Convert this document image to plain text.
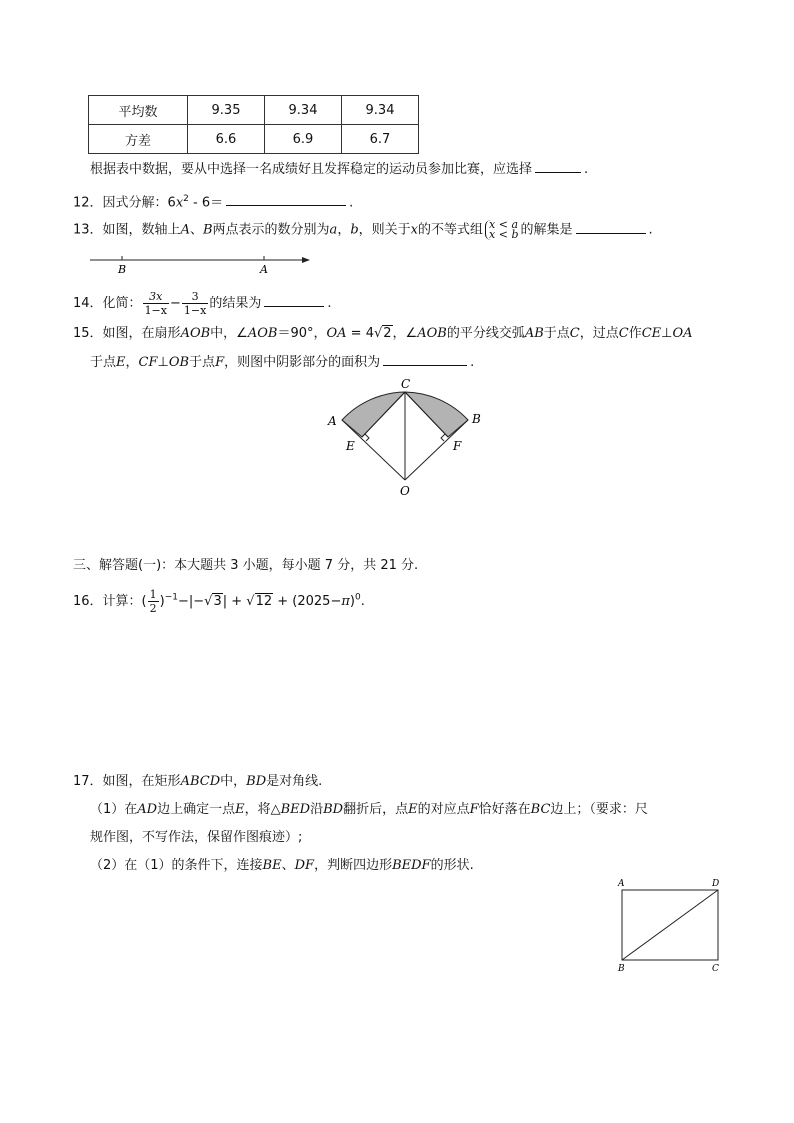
平均数	9.35	9.34	9.34
方差	6.6	6.9	6.7
根据表中数据，要从中选择一名成绩好且发挥稳定的运动员参加比赛，应选择	.
12．因式分解：$6x^2 - 6=$	.
13．如图，数轴上A、B两点表示的数分别为a，b，则关于x的不等式组 x < a
x < b 的解集是	.
B	A
14．化简： $\frac{3x}{1-x} - \frac{3}{1-x}$ 的结果为	.
15．如图，在扇形AOB中，∠AOB＝90°，OA = 4√2，∠AOB的平分线交弧AB于点C，过点C作CE⊥OA
于点E，CF⊥OB于点F，则图中阴影部分的面积为	.
C
A	B
E	F
O
三、解答题(一)：本大题共 3 小题，每小题 7 分，共 21 分.
16．计算：( $\frac{1}{2} )^{-1}-|-√3| + √12 + (2025-\pi)^0$.
17．如图，在矩形ABCD中，BD是对角线.
（1）在AD边上确定一点E，将△BED沿BD翻折后，点E的对应点F恰好落在BC边上；（要求：尺
规作图，不写作法，保留作图痕迹）;
（2）在（1）的条件下，连接BE、DF，判断四边形BEDF的形状.
A	D
B	C
